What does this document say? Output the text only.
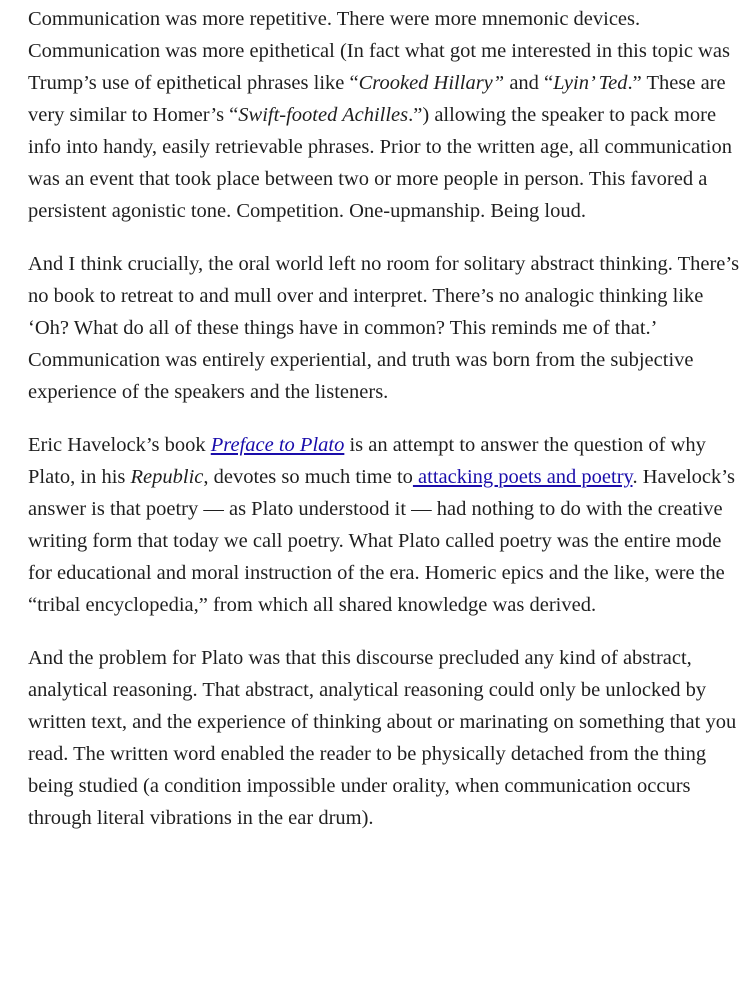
Communication was more repetitive. There were more mnemonic devices. Communication was more epithetical (In fact what got me interested in this topic was Trump’s use of epithetical phrases like “Crooked Hillary” and “Lyin’ Ted.” These are very similar to Homer’s “Swift-footed Achilles.”) allowing the speaker to pack more info into handy, easily retrievable phrases. Prior to the written age, all communication was an event that took place between two or more people in person. This favored a persistent agonistic tone. Competition. One-upmanship. Being loud.

And I think crucially, the oral world left no room for solitary abstract thinking. There’s no book to retreat to and mull over and interpret. There’s no analogic thinking like ‘Oh? What do all of these things have in common? This reminds me of that.’ Communication was entirely experiential, and truth was born from the subjective experience of the speakers and the listeners.

Eric Havelock’s book Preface to Plato is an attempt to answer the question of why Plato, in his Republic, devotes so much time to attacking poets and poetry. Havelock’s answer is that poetry — as Plato understood it — had nothing to do with the creative writing form that today we call poetry. What Plato called poetry was the entire mode for educational and moral instruction of the era. Homeric epics and the like, were the “tribal encyclopedia,” from which all shared knowledge was derived.

And the problem for Plato was that this discourse precluded any kind of abstract, analytical reasoning. That abstract, analytical reasoning could only be unlocked by written text, and the experience of thinking about or marinating on something that you read. The written word enabled the reader to be physically detached from the thing being studied (a condition impossible under orality, when communication occurs through literal vibrations in the ear drum).
